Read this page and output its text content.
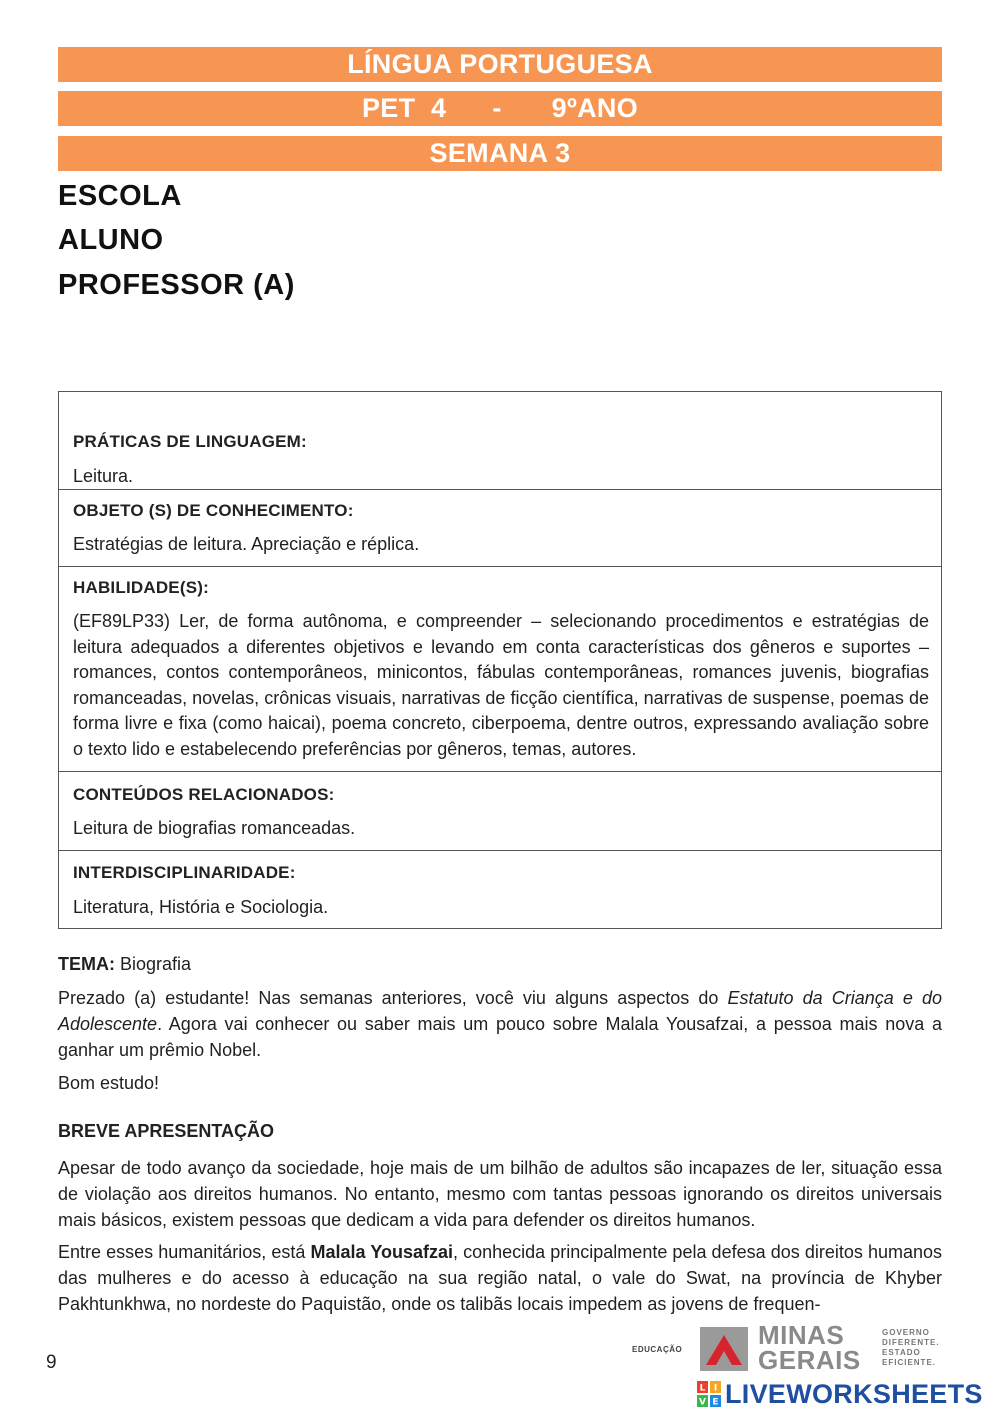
LÍNGUA PORTUGUESA
PET  4 - 9ºANO
SEMANA 3
ESCOLA
ALUNO
PROFESSOR (A)
PRÁTICAS DE LINGUAGEM:
Leitura.
OBJETO (S) DE CONHECIMENTO:
Estratégias de leitura. Apreciação e réplica.
HABILIDADE(S):
(EF89LP33) Ler, de forma autônoma, e compreender – selecionando procedimentos e estratégias de leitura adequados a diferentes objetivos e levando em conta características dos gêneros e suportes – romances, contos contemporâneos, minicontos, fábulas contemporâneas, romances juvenis, biografias romanceadas, novelas, crônicas visuais, narrativas de ficção científica, narrativas de suspense, poemas de forma livre e fixa (como haicai), poema concreto, ciberpoema, dentre outros, expressando avaliação sobre o texto lido e estabelecendo preferências por gêneros, temas, autores.
CONTEÚDOS RELACIONADOS:
Leitura de biografias romanceadas.
INTERDISCIPLINARIDADE:
Literatura, História e Sociologia.
TEMA: Biografia
Prezado (a) estudante! Nas semanas anteriores, você viu alguns aspectos do Estatuto da Criança e do Adolescente. Agora vai conhecer ou saber mais um pouco sobre Malala Yousafzai, a pessoa mais nova a ganhar um prêmio Nobel.
Bom estudo!
BREVE APRESENTAÇÃO
Apesar de todo avanço da sociedade, hoje mais de um bilhão de adultos são incapazes de ler, situação essa de violação aos direitos humanos. No entanto, mesmo com tantas pessoas ignorando os direitos universais mais básicos, existem pessoas que dedicam a vida para defender os direitos humanos.
Entre esses humanitários, está Malala Yousafzai, conhecida principalmente pela defesa dos direitos humanos das mulheres e do acesso à educação na sua região natal, o vale do Swat, na província de Khyber Pakhtunkhwa, no nordeste do Paquistão, onde os talibãs locais impedem as jovens de frequen-
9
EDUCAÇÃO	MINAS
GERAIS
GOVERNO
DIFERENTE.
ESTADO
EFICIENTE.
L I
V E LIVEWORKSHEETS
